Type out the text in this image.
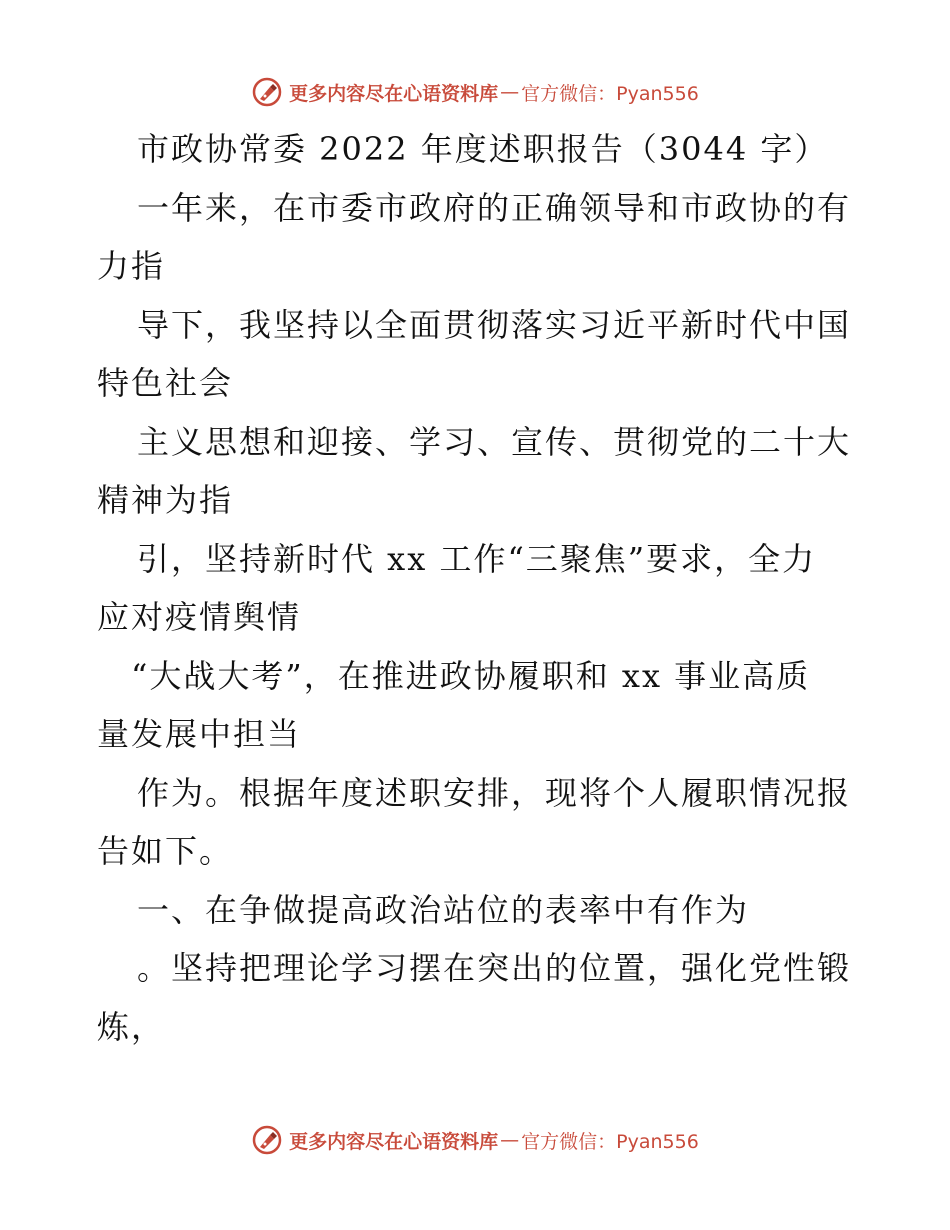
更多内容尽在心语资料库 — 官方微信：Pyan556
市政协常委 2022 年度述职报告（3044 字）
一年来，在市委市政府的正确领导和市政协的有
力指
导下，我坚持以全面贯彻落实习近平新时代中国
特色社会
主义思想和迎接、学习、宣传、贯彻党的二十大
精神为指
引，坚持新时代 xx 工作“三聚焦”要求，全力
应对疫情舆情
“大战大考”，在推进政协履职和 xx 事业高质
量发展中担当
作为。根据年度述职安排，现将个人履职情况报
告如下。
一、在争做提高政治站位的表率中有作为
。坚持把理论学习摆在突出的位置，强化党性锻
炼，
更多内容尽在心语资料库 — 官方微信：Pyan556
